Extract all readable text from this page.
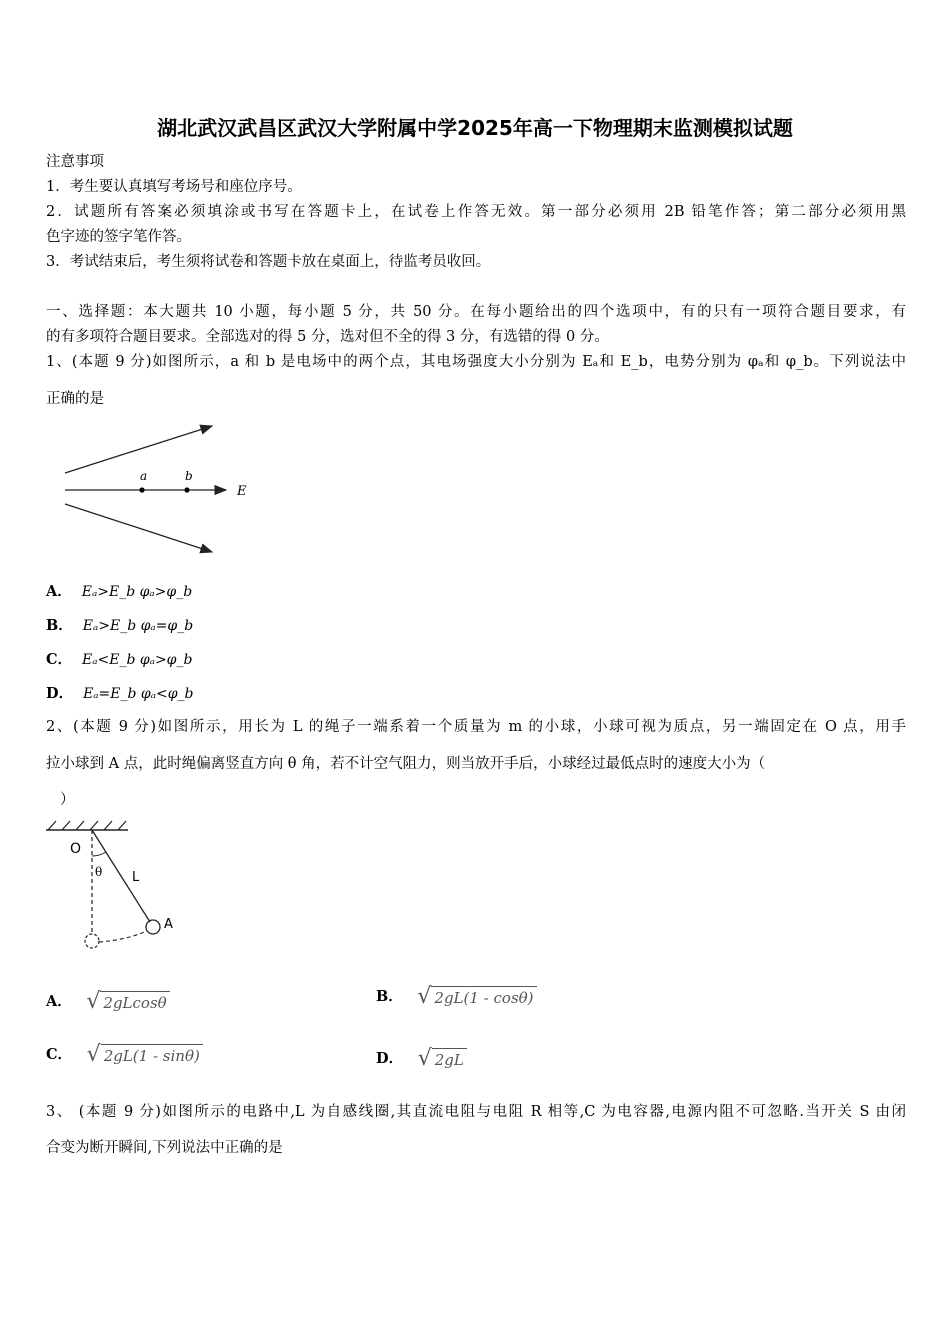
湖北武汉武昌区武汉大学附属中学2025年高一下物理期末监测模拟试题
注意事项
1．考生要认真填写考场号和座位序号。
2．试题所有答案必须填涂或书写在答题卡上，在试卷上作答无效。第一部分必须用 2B 铅笔作答；第二部分必须用黑
色字迹的签字笔作答。
3．考试结束后，考生须将试卷和答题卡放在桌面上，待监考员收回。
一、选择题：本大题共 10 小题，每小题 5 分，共 50 分。在每小题给出的四个选项中，有的只有一项符合题目要求，有
的有多项符合题目要求。全部选对的得 5 分，选对但不全的得 3 分，有选错的得 0 分。
1、(本题 9 分)如图所示，a 和 b 是电场中的两个点，其电场强度大小分别为 Eₐ和 E_b，电势分别为 φₐ和 φ_b。下列说法中
正确的是
a	b
E
A． Eₐ>E_b φₐ>φ_b
B． Eₐ>E_b φₐ=φ_b
C． Eₐ<E_b φₐ>φ_b
D． Eₐ=E_b φₐ<φ_b
2、(本题 9 分)如图所示，用长为 L 的绳子一端系着一个质量为 m 的小球，小球可视为质点，另一端固定在 O 点，用手
拉小球到 A 点，此时绳偏离竖直方向 θ 角，若不计空气阻力，则当放开手后，小球经过最低点时的速度大小为（
）
O
θ L
A
A． √ 2gLcosθ	B． √ 2gL(1 - cosθ)
C． √ 2gL(1 - sinθ)	D． √ 2gL
3、 (本题 9 分)如图所示的电路中,L 为自感线圈,其直流电阻与电阻 R 相等,C 为电容器,电源内阻不可忽略.当开关 S 由闭
合变为断开瞬间,下列说法中正确的是
